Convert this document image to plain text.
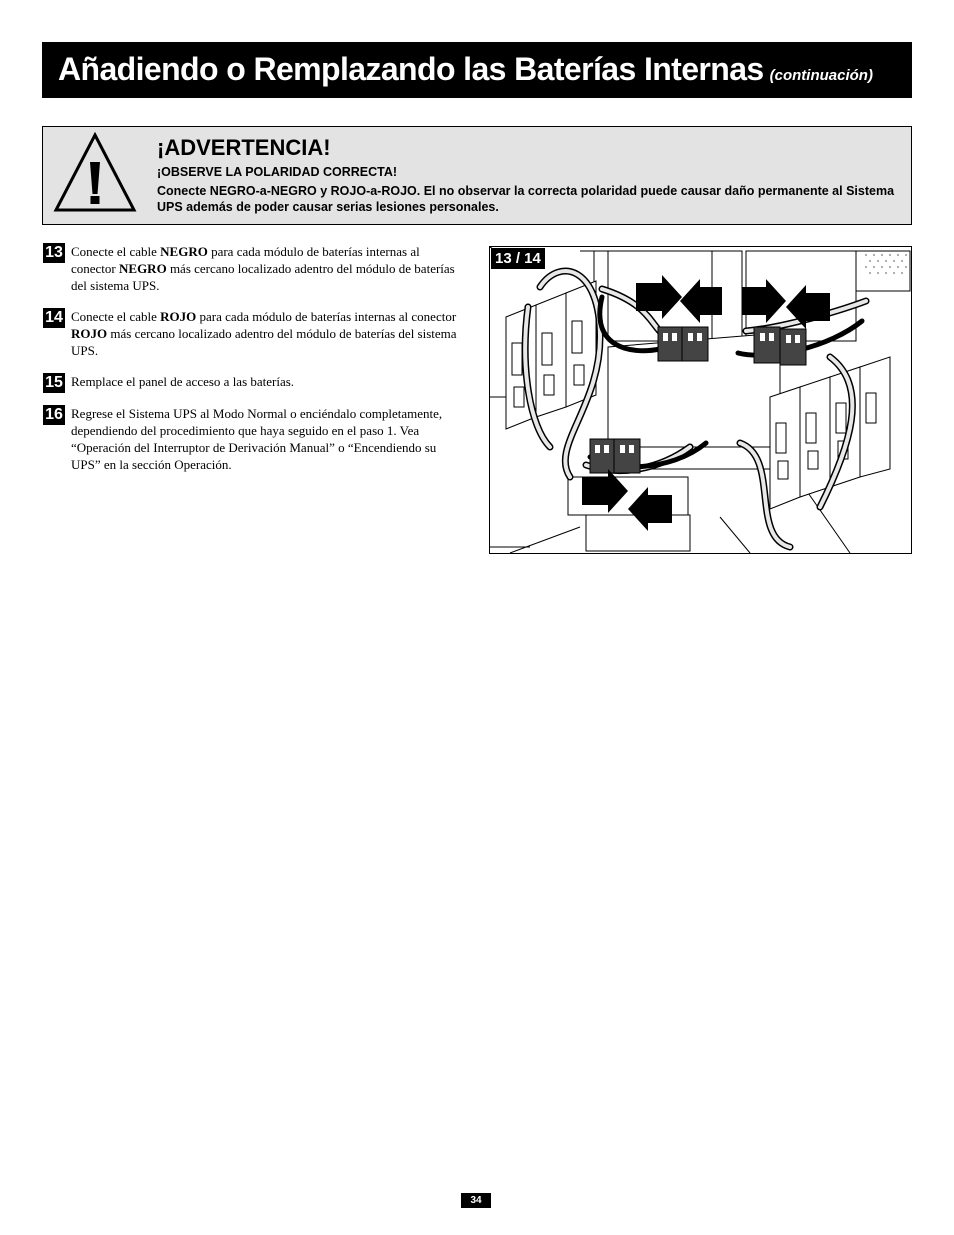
Añadiendo o Remplazando las Baterías Internas (continuación)
¡ADVERTENCIA!
¡OBSERVE LA POLARIDAD CORRECTA!
Conecte NEGRO-a-NEGRO y ROJO-a-ROJO. El no observar la correcta polaridad puede causar daño permanente al Sistema UPS además de poder causar serias lesiones personales.
13 Conecte el cable NEGRO para cada módulo de baterías internas al conector NEGRO más cercano localizado adentro del módulo de baterías del sistema UPS.
14 Conecte el cable ROJO para cada módulo de baterías internas al conector ROJO más cercano localizado adentro del módulo de baterías del sistema UPS.
15 Remplace el panel de acceso a las baterías.
16 Regrese el Sistema UPS al Modo Normal o enciéndalo completamente, dependiendo del procedimiento que haya seguido en el paso 1. Vea “Operación del Interruptor de Derivación Manual” o “Encendiendo su UPS” en la sección Operación.
13 / 14
34
